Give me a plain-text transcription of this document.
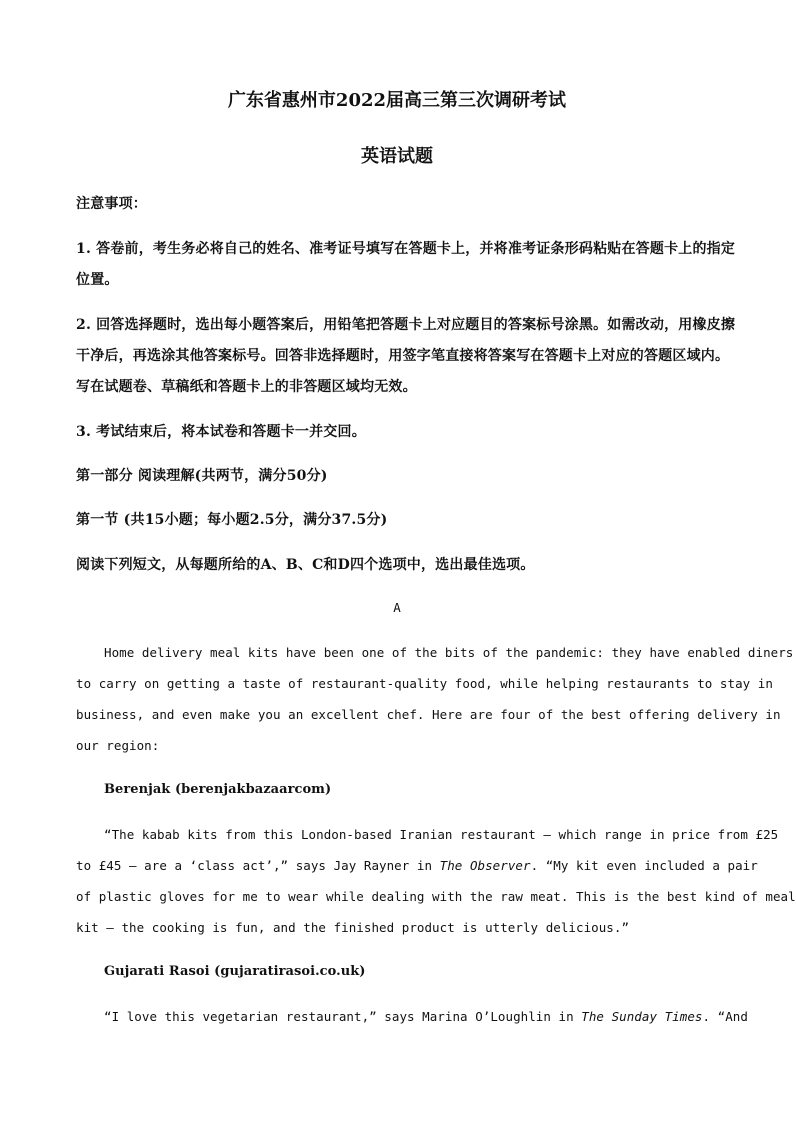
广东省惠州市2022届高三第三次调研考试
英语试题
注意事项：
1. 答卷前，考生务必将自己的姓名、准考证号填写在答题卡上，并将准考证条形码粘贴在答题卡上的指定
位置。
2. 回答选择题时，选出每小题答案后，用铅笔把答题卡上对应题目的答案标号涂黑。如需改动，用橡皮擦
干净后，再选涂其他答案标号。回答非选择题时，用签字笔直接将答案写在答题卡上对应的答题区域内。
写在试题卷、草稿纸和答题卡上的非答题区域均无效。
3. 考试结束后，将本试卷和答题卡一并交回。
第一部分 阅读理解(共两节，满分50分)
第一节 (共15小题；每小题2.5分，满分37.5分)
阅读下列短文，从每题所给的A、B、C和D四个选项中，选出最佳选项。
A
Home delivery meal kits have been one of the bits of the pandemic: they have enabled diners
to carry on getting a taste of restaurant-quality food, while helping restaurants to stay in
business, and even make you an excellent chef. Here are four of the best offering delivery in
our region:
Berenjak (berenjakbazaarcom)
“The kabab kits from this London-based Iranian restaurant — which range in price from £25
to £45 — are a ‘class act’,” says Jay Rayner in The Observer. “My kit even included a pair
of plastic gloves for me to wear while dealing with the raw meat. This is the best kind of meal
kit — the cooking is fun, and the finished product is utterly delicious.”
Gujarati Rasoi (gujaratirasoi.co.uk)
“I love this vegetarian restaurant,” says Marina O’Loughlin in The Sunday Times. “And
